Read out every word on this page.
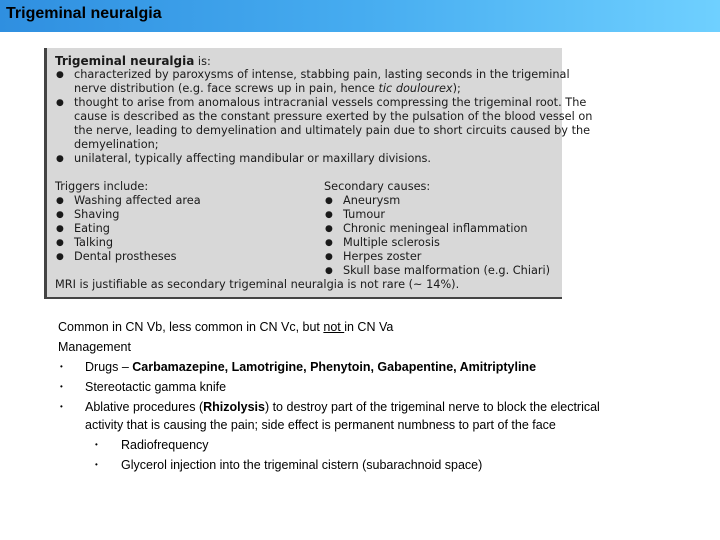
Trigeminal neuralgia
Trigeminal neuralgia is:
● characterized by paroxysms of intense, stabbing pain, lasting seconds in the trigeminal
nerve distribution (e.g. face screws up in pain, hence tic doulourex);
● thought to arise from anomalous intracranial vessels compressing the trigeminal root. The
cause is described as the constant pressure exerted by the pulsation of the blood vessel on
the nerve, leading to demyelination and ultimately pain due to short circuits caused by the
demyelination;
● unilateral, typically affecting mandibular or maxillary divisions.
Triggers include:
● Washing affected area
● Shaving
● Eating
● Talking
● Dental prostheses
Secondary causes:
● Aneurysm
● Tumour
● Chronic meningeal inflammation
● Multiple sclerosis
● Herpes zoster
● Skull base malformation (e.g. Chiari)
MRI is justifiable as secondary trigeminal neuralgia is not rare (~ 14%).
Common in CN Vb, less common in CN Vc, but not in CN Va
Management
• Drugs – Carbamazepine, Lamotrigine, Phenytoin, Gabapentine, Amitriptyline
• Stereotactic gamma knife
• Ablative procedures (Rhizolysis) to destroy part of the trigeminal nerve to block the electrical
activity that is causing the pain; side effect is permanent numbness to part of the face
• Radiofrequency
• Glycerol injection into the trigeminal cistern (subarachnoid space)
